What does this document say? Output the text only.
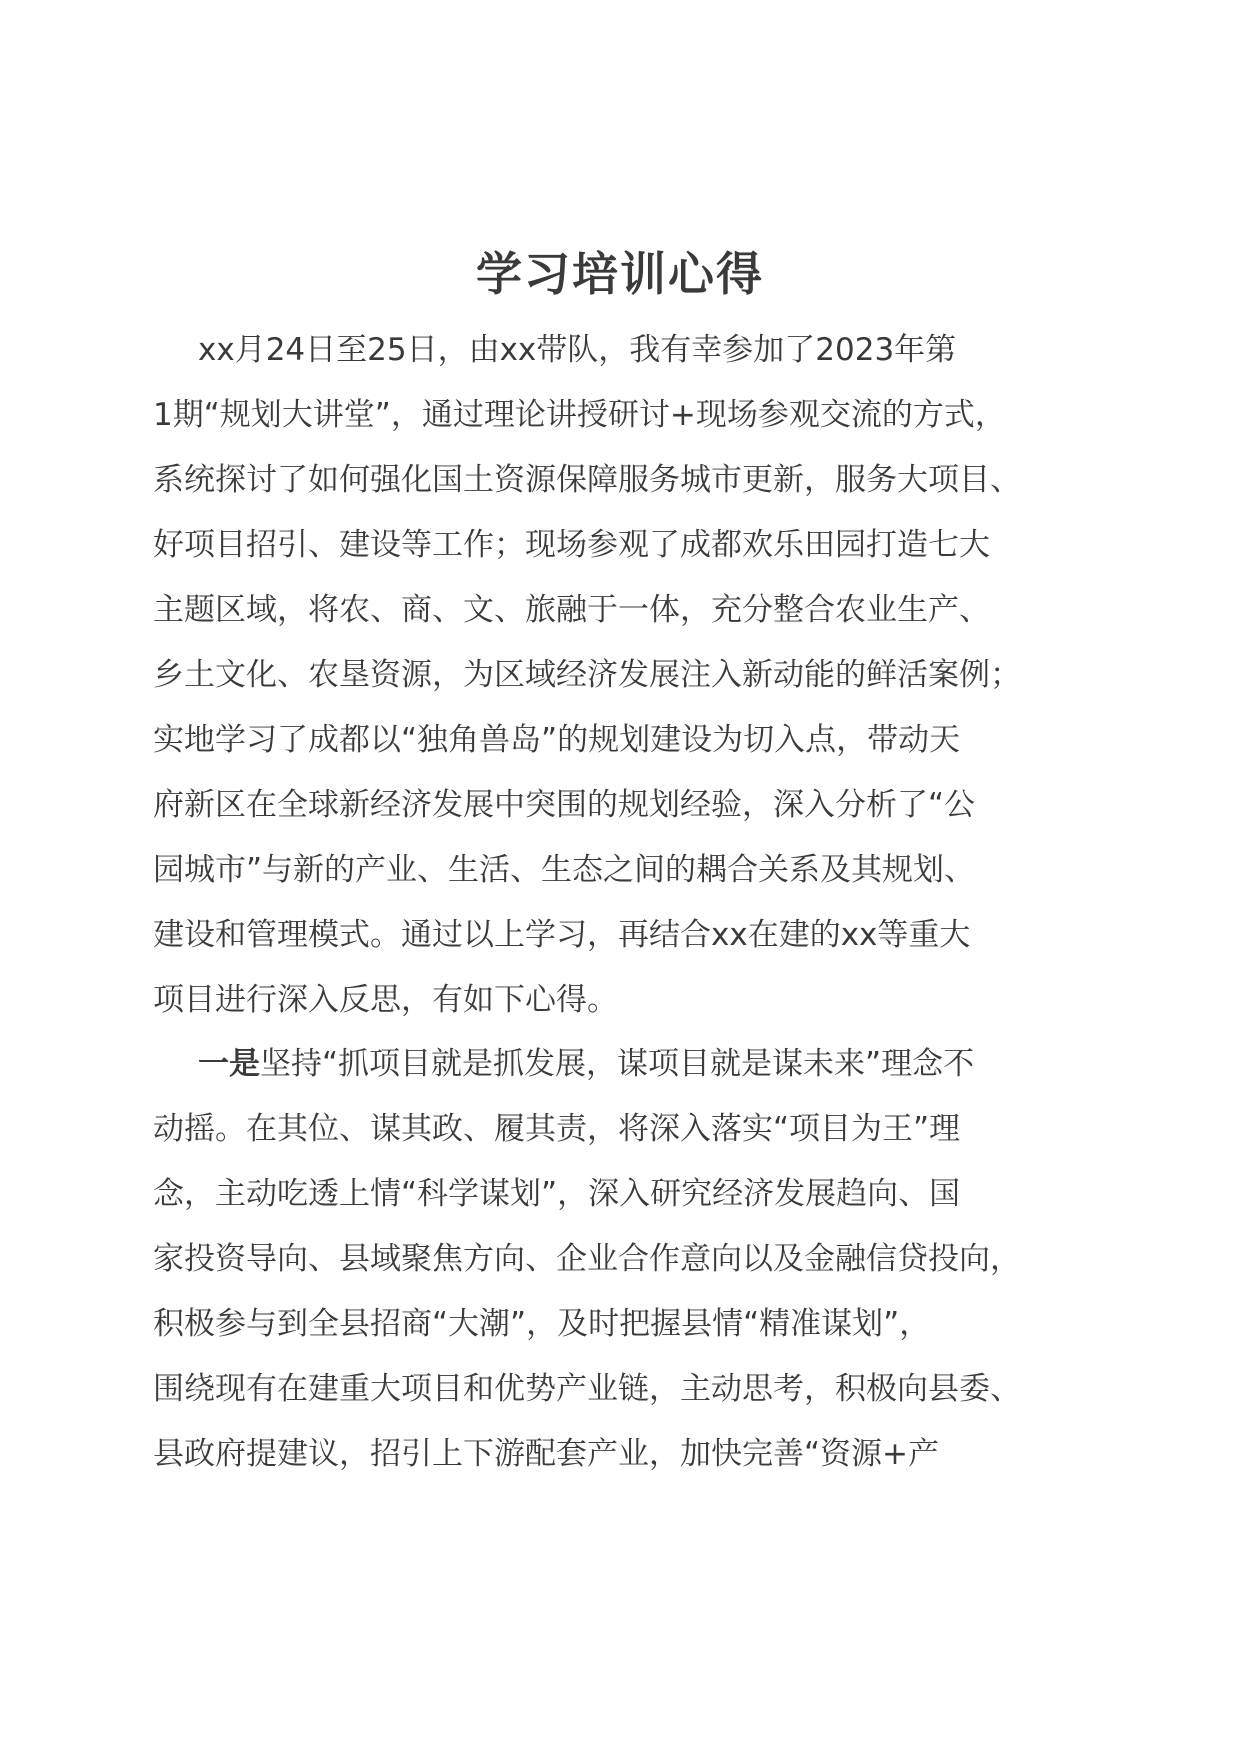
学习培训心得
xx月24日至25日，由xx带队，我有幸参加了2023年第
1期“规划大讲堂”，通过理论讲授研讨+现场参观交流的方式，
系统探讨了如何强化国土资源保障服务城市更新，服务大项目、
好项目招引、建设等工作；现场参观了成都欢乐田园打造七大
主题区域，将农、商、文、旅融于一体，充分整合农业生产、
乡土文化、农垦资源，为区域经济发展注入新动能的鲜活案例；
实地学习了成都以“独角兽岛”的规划建设为切入点，带动天
府新区在全球新经济发展中突围的规划经验，深入分析了“公
园城市”与新的产业、生活、生态之间的耦合关系及其规划、
建设和管理模式。通过以上学习，再结合xx在建的xx等重大
项目进行深入反思，有如下心得。
一是坚持“抓项目就是抓发展，谋项目就是谋未来”理念不
动摇。在其位、谋其政、履其责，将深入落实“项目为王”理
念，主动吃透上情“科学谋划”，深入研究经济发展趋向、国
家投资导向、县域聚焦方向、企业合作意向以及金融信贷投向，
积极参与到全县招商“大潮”，及时把握县情“精准谋划”，
围绕现有在建重大项目和优势产业链，主动思考，积极向县委、
县政府提建议，招引上下游配套产业，加快完善“资源+产
